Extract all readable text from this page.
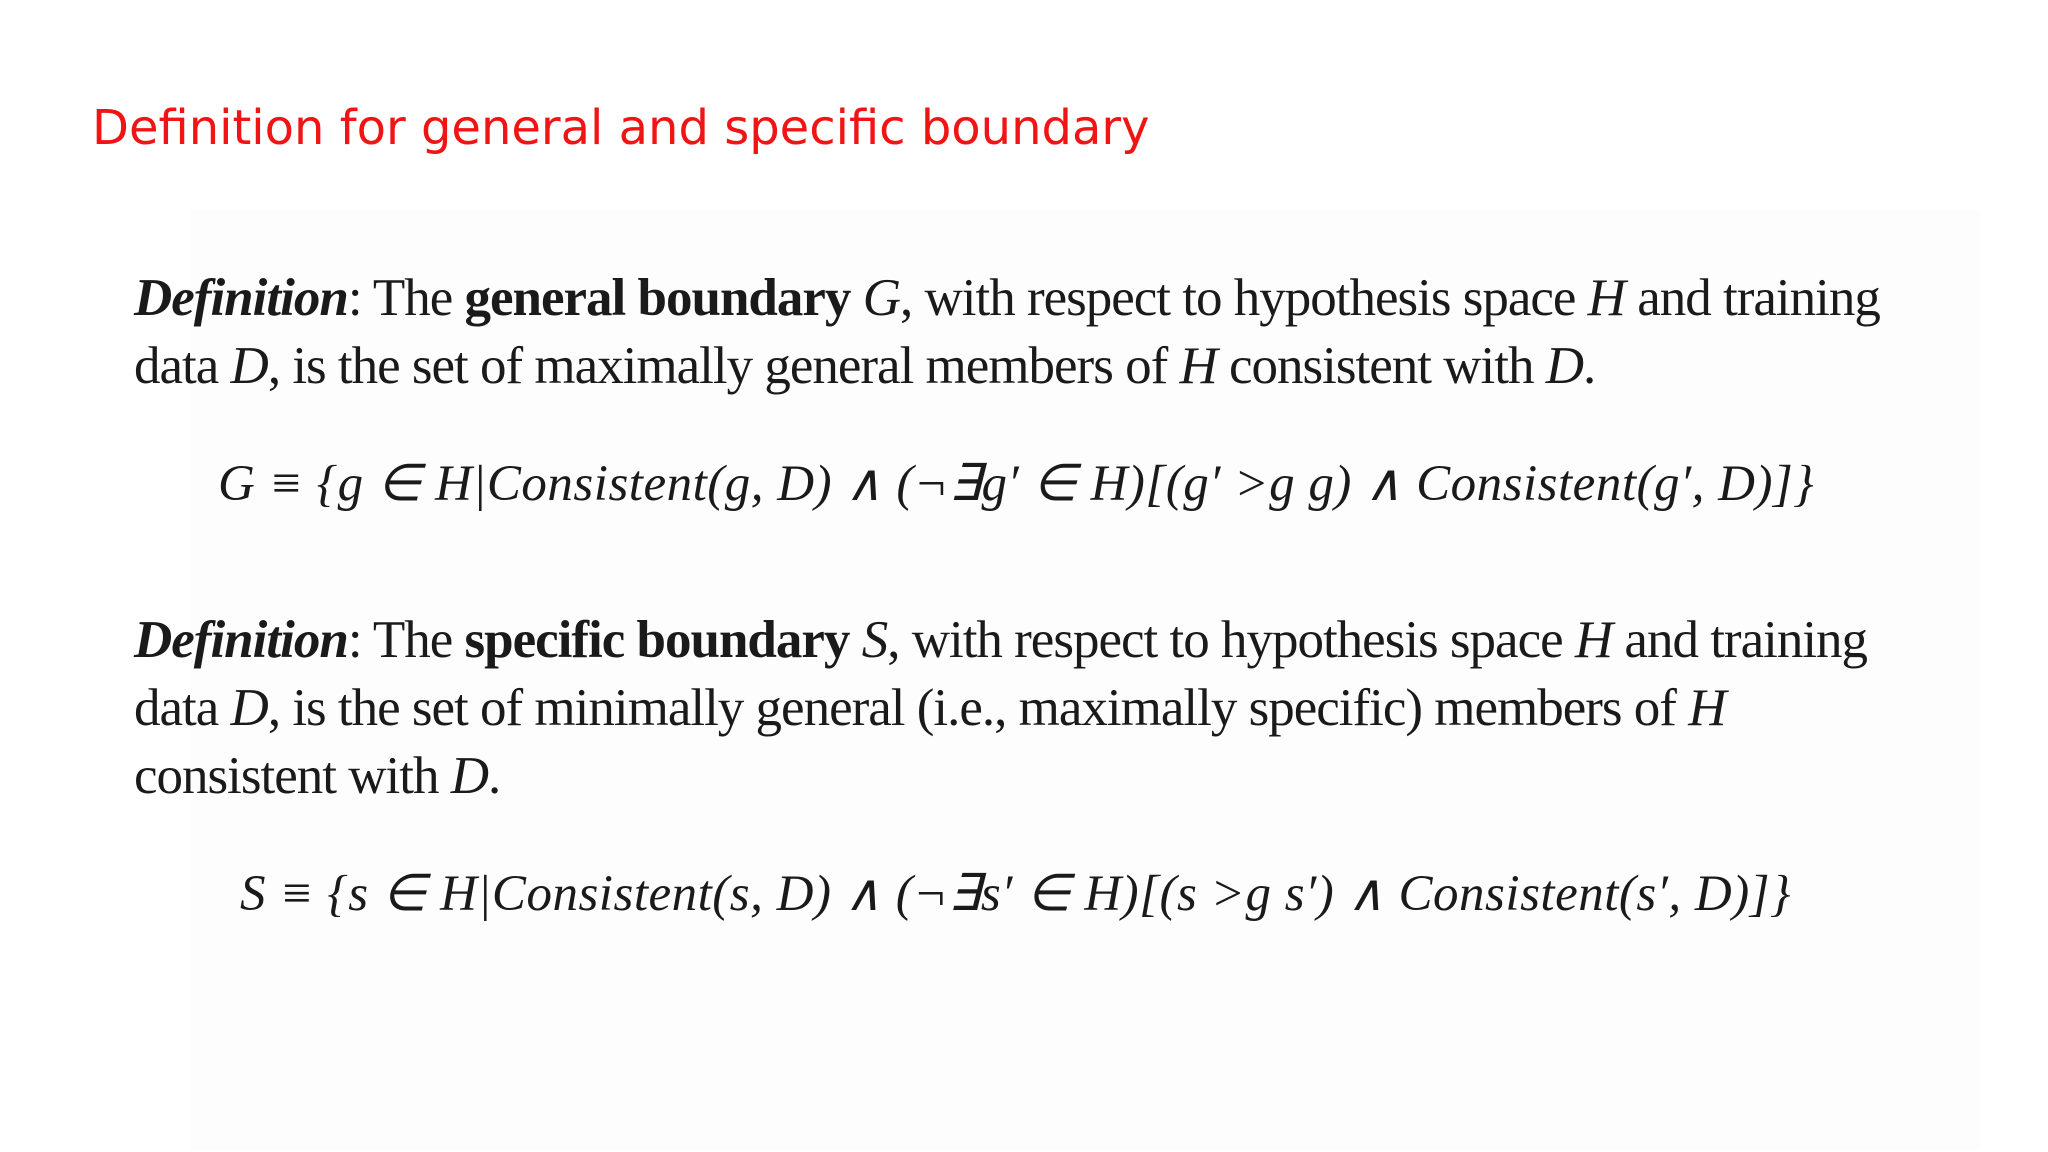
Definition for general and specific boundary

Definition: The general boundary G, with respect to hypothesis space H and training data D, is the set of maximally general members of H consistent with D.

G ≡ {g ∈ H|Consistent(g, D) ∧ (¬∃g′ ∈ H)[(g′ >g g) ∧ Consistent(g′, D)]}

Definition: The specific boundary S, with respect to hypothesis space H and training data D, is the set of minimally general (i.e., maximally specific) members of H consistent with D.

S ≡ {s ∈ H|Consistent(s, D) ∧ (¬∃s′ ∈ H)[(s >g s′) ∧ Consistent(s′, D)]}
